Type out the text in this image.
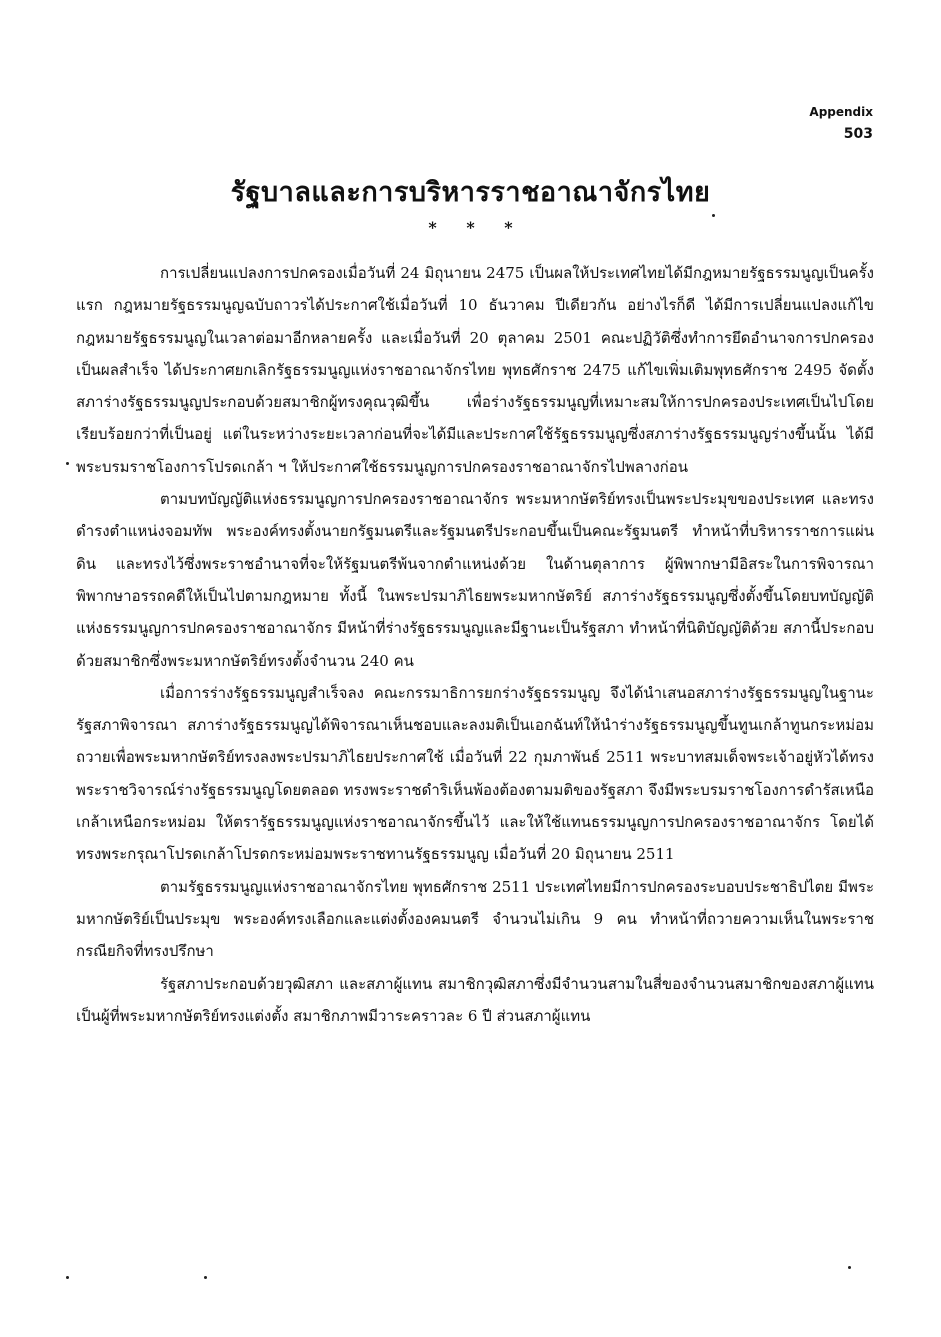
Appendix
503
รัฐบาลและการบริหารราชอาณาจักรไทย
* * *

การเปลี่ยนแปลงการปกครองเมื่อวันที่ 24 มิถุนายน 2475 เป็นผลให้ประเทศไทยได้มีกฎหมายรัฐธรรมนูญเป็นครั้งแรก กฎหมายรัฐธรรมนูญฉบับถาวรได้ประกาศใช้เมื่อวันที่ 10 ธันวาคม ปีเดียวกัน อย่างไรก็ดี ได้มีการเปลี่ยนแปลงแก้ไขกฎหมายรัฐธรรมนูญในเวลาต่อมาอีกหลายครั้ง และเมื่อวันที่ 20 ตุลาคม 2501 คณะปฏิวัติซึ่งทำการยึดอำนาจการปกครองเป็นผลสำเร็จ ได้ประกาศยกเลิกรัฐธรรมนูญแห่งราชอาณาจักรไทย พุทธศักราช 2475 แก้ไขเพิ่มเติมพุทธศักราช 2495 จัดตั้งสภาร่างรัฐธรรมนูญประกอบด้วยสมาชิกผู้ทรงคุณวุฒิขึ้น เพื่อร่างรัฐธรรมนูญที่เหมาะสมให้การปกครองประเทศเป็นไปโดยเรียบร้อยกว่าที่เป็นอยู่ แต่ในระหว่างระยะเวลาก่อนที่จะได้มีและประกาศใช้รัฐธรรมนูญซึ่งสภาร่างรัฐธรรมนูญร่างขึ้นนั้น ได้มีพระบรมราชโองการโปรดเกล้า ฯ ให้ประกาศใช้ธรรมนูญการปกครองราชอาณาจักรไปพลางก่อน

ตามบทบัญญัติแห่งธรรมนูญการปกครองราชอาณาจักร พระมหากษัตริย์ทรงเป็นพระประมุขของประเทศ และทรงดำรงตำแหน่งจอมทัพ พระองค์ทรงตั้งนายกรัฐมนตรีและรัฐมนตรีประกอบขึ้นเป็นคณะรัฐมนตรี ทำหน้าที่บริหารราชการแผ่นดิน และทรงไว้ซึ่งพระราชอำนาจที่จะให้รัฐมนตรีพ้นจากตำแหน่งด้วย ในด้านตุลาการ ผู้พิพากษามีอิสระในการพิจารณาพิพากษาอรรถคดีให้เป็นไปตามกฎหมาย ทั้งนี้ ในพระปรมาภิไธยพระมหากษัตริย์ สภาร่างรัฐธรรมนูญซึ่งตั้งขึ้นโดยบทบัญญัติแห่งธรรมนูญการปกครองราชอาณาจักร มีหน้าที่ร่างรัฐธรรมนูญและมีฐานะเป็นรัฐสภา ทำหน้าที่นิติบัญญัติด้วย สภานี้ประกอบด้วยสมาชิกซึ่งพระมหากษัตริย์ทรงตั้งจำนวน 240 คน

เมื่อการร่างรัฐธรรมนูญสำเร็จลง คณะกรรมาธิการยกร่างรัฐธรรมนูญ จึงได้นำเสนอสภาร่างรัฐธรรมนูญในฐานะรัฐสภาพิจารณา สภาร่างรัฐธรรมนูญได้พิจารณาเห็นชอบและลงมติเป็นเอกฉันท์ให้นำร่างรัฐธรรมนูญขึ้นทูนเกล้าทูนกระหม่อมถวายเพื่อพระมหากษัตริย์ทรงลงพระปรมาภิไธยประกาศใช้ เมื่อวันที่ 22 กุมภาพันธ์ 2511 พระบาทสมเด็จพระเจ้าอยู่หัวได้ทรงพระราชวิจารณ์ร่างรัฐธรรมนูญโดยตลอด ทรงพระราชดำริเห็นพ้องต้องตามมติของรัฐสภา จึงมีพระบรมราชโองการดำรัสเหนือเกล้าเหนือกระหม่อม ให้ตรารัฐธรรมนูญแห่งราชอาณาจักรขึ้นไว้ และให้ใช้แทนธรรมนูญการปกครองราชอาณาจักร โดยได้ทรงพระกรุณาโปรดเกล้าโปรดกระหม่อมพระราชทานรัฐธรรมนูญ เมื่อวันที่ 20 มิถุนายน 2511

ตามรัฐธรรมนูญแห่งราชอาณาจักรไทย พุทธศักราช 2511 ประเทศไทยมีการปกครองระบอบประชาธิปไตย มีพระมหากษัตริย์เป็นประมุข พระองค์ทรงเลือกและแต่งตั้งองคมนตรี จำนวนไม่เกิน 9 คน ทำหน้าที่ถวายความเห็นในพระราชกรณียกิจที่ทรงปรึกษา

รัฐสภาประกอบด้วยวุฒิสภา และสภาผู้แทน สมาชิกวุฒิสภาซึ่งมีจำนวนสามในสี่ของจำนวนสมาชิกของสภาผู้แทน เป็นผู้ที่พระมหากษัตริย์ทรงแต่งตั้ง สมาชิกภาพมีวาระคราวละ 6 ปี ส่วนสภาผู้แทน
